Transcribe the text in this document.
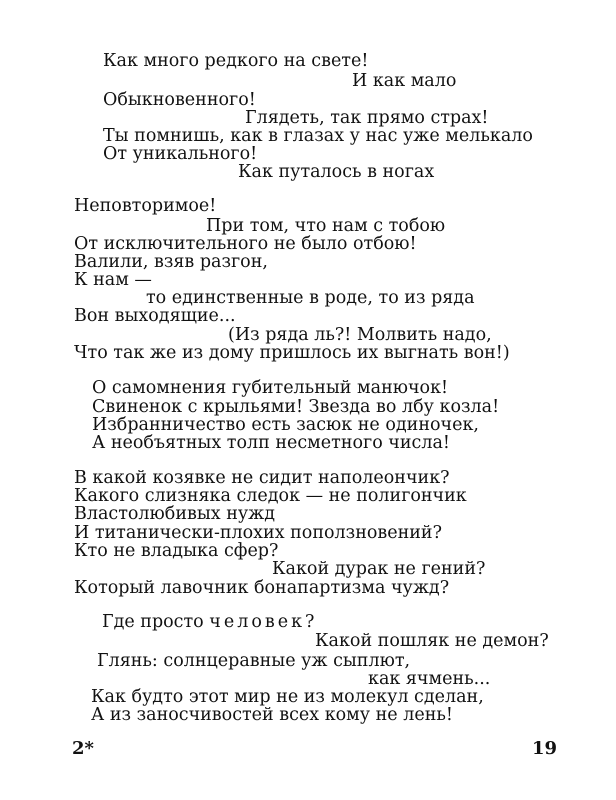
Как много редкого на свете!
И как мало
Обыкновенного!
Глядеть, так прямо страх!
Ты помнишь, как в глазах у нас уже мелькало
От уникального!
Как путалось в ногах
Неповторимое!
При том, что нам с тобою
От исключительного не было отбою!
Валили, взяв разгон,
К нам —
то единственные в роде, то из ряда
Вон выходящие...
(Из ряда ль?! Молвить надо,
Что так же из дому пришлось их выгнать вон!)
О самомнения губительный манючок!
Свиненок с крыльями! Звезда во лбу козла!
Избранничество есть засюк не одиночек,
А необъятных толп несметного числа!
В какой козявке не сидит наполеончик?
Какого слизняка следок — не полигончик
Властолюбивых нужд
И титанически-плохих поползновений?
Кто не владыка сфер?
Какой дурак не гений?
Который лавочник бонапартизма чужд?
Где просто человек?
Какой пошляк не демон?
Глянь: солнцеравные уж сыплют,
как ячмень...
Как будто этот мир не из молекул сделан,
А из заносчивостей всех кому не лень!
2*	19
